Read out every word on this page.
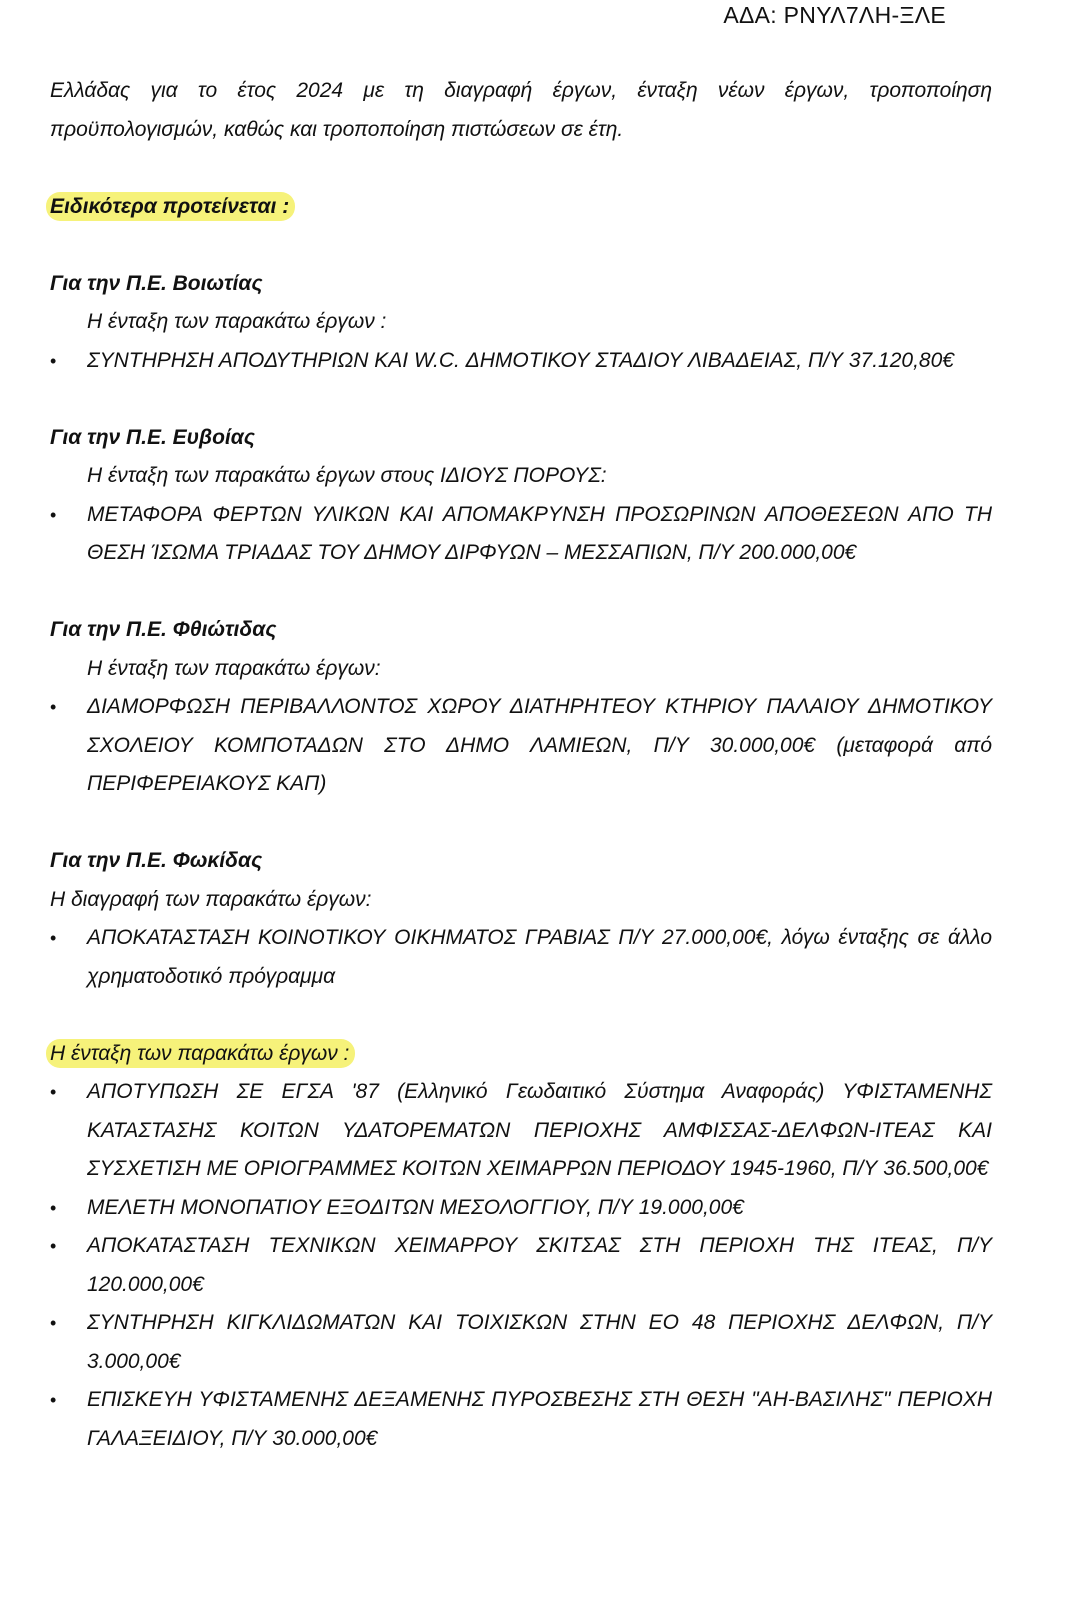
ΑΔΑ: ΡΝΥΛ7ΛΗ-ΞΛΕ

Ελλάδας για το έτος 2024 με τη διαγραφή έργων, ένταξη νέων έργων, τροποποίηση προϋπολογισμών, καθώς και τροποποίηση πιστώσεων σε έτη.

Ειδικότερα προτείνεται :

Για την Π.Ε. Βοιωτίας

Η ένταξη των παρακάτω έργων :

• ΣΥΝΤΗΡΗΣΗ ΑΠΟΔΥΤΗΡΙΩΝ ΚΑΙ W.C. ΔΗΜΟΤΙΚΟΥ ΣΤΑΔΙΟΥ ΛΙΒΑΔΕΙΑΣ, Π/Υ 37.120,80€

Για την Π.Ε. Ευβοίας

Η ένταξη των παρακάτω έργων στους ΙΔΙΟΥΣ ΠΟΡΟΥΣ:

• ΜΕΤΑΦΟΡΑ ΦΕΡΤΩΝ ΥΛΙΚΩΝ ΚΑΙ ΑΠΟΜΑΚΡΥΝΣΗ ΠΡΟΣΩΡΙΝΩΝ ΑΠΟΘΕΣΕΩΝ ΑΠΟ ΤΗ ΘΕΣΗ ΊΣΩΜΑ ΤΡΙΑΔΑΣ ΤΟΥ ΔΗΜΟΥ ΔΙΡΦΥΩΝ – ΜΕΣΣΑΠΙΩΝ, Π/Υ 200.000,00€

Για την Π.Ε. Φθιώτιδας

Η ένταξη των παρακάτω έργων:

• ΔΙΑΜΟΡΦΩΣΗ ΠΕΡΙΒΑΛΛΟΝΤΟΣ ΧΩΡΟΥ ΔΙΑΤΗΡΗΤΕΟΥ ΚΤΗΡΙΟΥ ΠΑΛΑΙΟΥ ΔΗΜΟΤΙΚΟΥ ΣΧΟΛΕΙΟΥ ΚΟΜΠΟΤΑΔΩΝ ΣΤΟ ΔΗΜΟ ΛΑΜΙΕΩΝ, Π/Υ 30.000,00€ (μεταφορά από ΠΕΡΙΦΕΡΕΙΑΚΟΥΣ ΚΑΠ)

Για την Π.Ε. Φωκίδας

Η διαγραφή των παρακάτω έργων:

• ΑΠΟΚΑΤΑΣΤΑΣΗ ΚΟΙΝΟΤΙΚΟΥ ΟΙΚΗΜΑΤΟΣ ΓΡΑΒΙΑΣ Π/Υ 27.000,00€, λόγω ένταξης σε άλλο χρηματοδοτικό πρόγραμμα

Η ένταξη των παρακάτω έργων :

• ΑΠΟΤΥΠΩΣΗ ΣΕ ΕΓΣΑ '87 (Ελληνικό Γεωδαιτικό Σύστημα Αναφοράς) ΥΦΙΣΤΑΜΕΝΗΣ ΚΑΤΑΣΤΑΣΗΣ ΚΟΙΤΩΝ ΥΔΑΤΟΡΕΜΑΤΩΝ ΠΕΡΙΟΧΗΣ ΑΜΦΙΣΣΑΣ-ΔΕΛΦΩΝ-ΙΤΕΑΣ ΚΑΙ ΣΥΣΧΕΤΙΣΗ ΜΕ ΟΡΙΟΓΡΑΜΜΕΣ ΚΟΙΤΩΝ ΧΕΙΜΑΡΡΩΝ ΠΕΡΙΟΔΟΥ 1945-1960, Π/Υ 36.500,00€
• ΜΕΛΕΤΗ ΜΟΝΟΠΑΤΙΟΥ ΕΞΟΔΙΤΩΝ ΜΕΣΟΛΟΓΓΙΟΥ, Π/Υ 19.000,00€
• ΑΠΟΚΑΤΑΣΤΑΣΗ ΤΕΧΝΙΚΩΝ ΧΕΙΜΑΡΡΟΥ ΣΚΙΤΣΑΣ ΣΤΗ ΠΕΡΙΟΧΗ ΤΗΣ ΙΤΕΑΣ, Π/Υ 120.000,00€
• ΣΥΝΤΗΡΗΣΗ ΚΙΓΚΛΙΔΩΜΑΤΩΝ ΚΑΙ ΤΟΙΧΙΣΚΩΝ ΣΤΗΝ ΕΟ 48 ΠΕΡΙΟΧΗΣ ΔΕΛΦΩΝ, Π/Υ 3.000,00€
• ΕΠΙΣΚΕΥΗ ΥΦΙΣΤΑΜΕΝΗΣ ΔΕΞΑΜΕΝΗΣ ΠΥΡΟΣΒΕΣΗΣ ΣΤΗ ΘΕΣΗ "ΑΗ-ΒΑΣΙΛΗΣ" ΠΕΡΙΟΧΗ ΓΑΛΑΞΕΙΔΙΟΥ, Π/Υ 30.000,00€
